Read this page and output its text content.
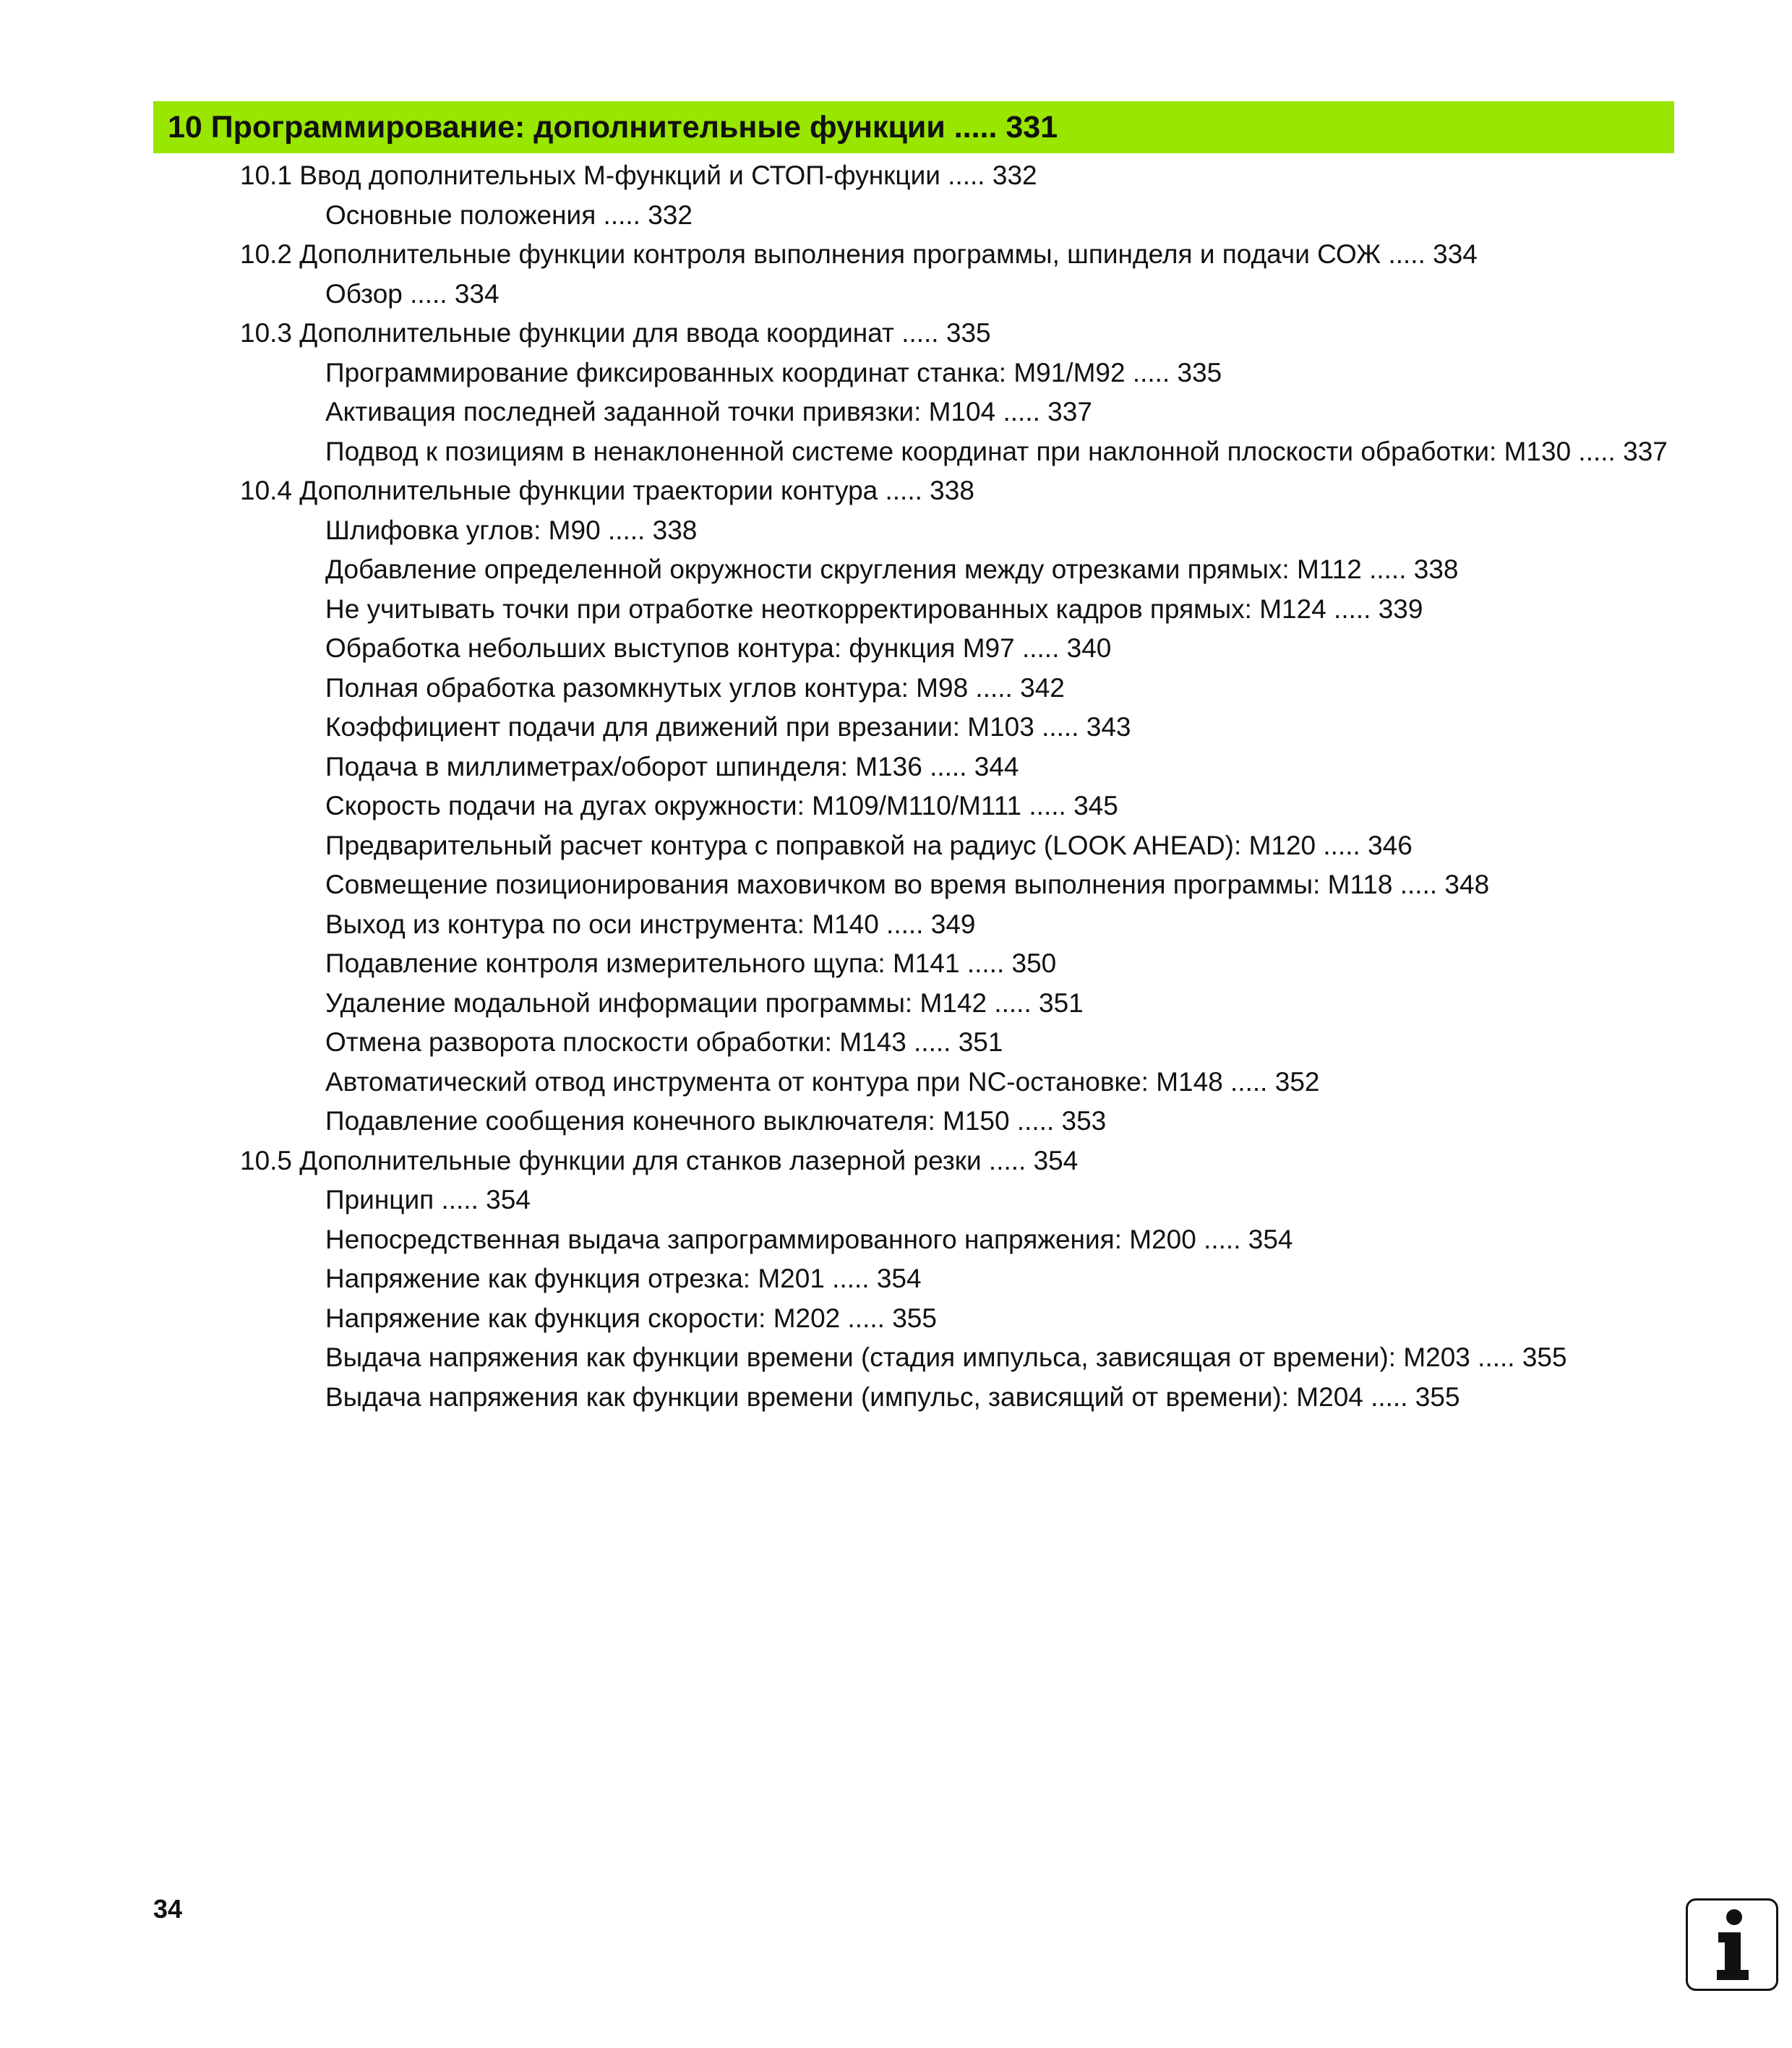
10 Программирование: дополнительные функции ..... 331
10.1 Ввод дополнительных М-функций и СТОП-функции ..... 332
Основные положения ..... 332
10.2 Дополнительные функции контроля выполнения программы, шпинделя и подачи СОЖ ..... 334
Обзор ..... 334
10.3 Дополнительные функции для ввода координат ..... 335
Программирование фиксированных координат станка: M91/M92 ..... 335
Активация последней заданной точки привязки: M104 ..... 337
Подвод к позициям в ненаклоненной системе координат при наклонной плоскости обработки: M130 ..... 337
10.4 Дополнительные функции траектории контура ..... 338
Шлифовка углов: M90 ..... 338
Добавление определенной окружности скругления между отрезками прямых: M112 ..... 338
Не учитывать точки при отработке неоткорректированных кадров прямых: M124 ..... 339
Обработка небольших выступов контура: функция M97 ..... 340
Полная обработка разомкнутых углов контура: M98 ..... 342
Коэффициент подачи для движений при врезании: M103 ..... 343
Подача в миллиметрах/оборот шпинделя: M136 ..... 344
Скорость подачи на дугах окружности: M109/M110/M111 ..... 345
Предварительный расчет контура с поправкой на радиус (LOOK AHEAD): M120 ..... 346
Совмещение позиционирования маховичком во время выполнения программы: M118 ..... 348
Выход из контура по оси инструмента: M140 ..... 349
Подавление контроля измерительного щупа: M141 ..... 350
Удаление модальной информации программы: M142 ..... 351
Отмена разворота плоскости обработки: M143 ..... 351
Автоматический отвод инструмента от контура при NC-остановке: M148 ..... 352
Подавление сообщения конечного выключателя: M150 ..... 353
10.5 Дополнительные функции для станков лазерной резки ..... 354
Принцип ..... 354
Непосредственная выдача запрограммированного напряжения: M200 ..... 354
Напряжение как функция отрезка: M201 ..... 354
Напряжение как функция скорости: M202 ..... 355
Выдача напряжения как функции времени (стадия импульса, зависящая от времени): M203 ..... 355
Выдача напряжения как функции времени (импульс, зависящий от времени): M204 ..... 355
34
